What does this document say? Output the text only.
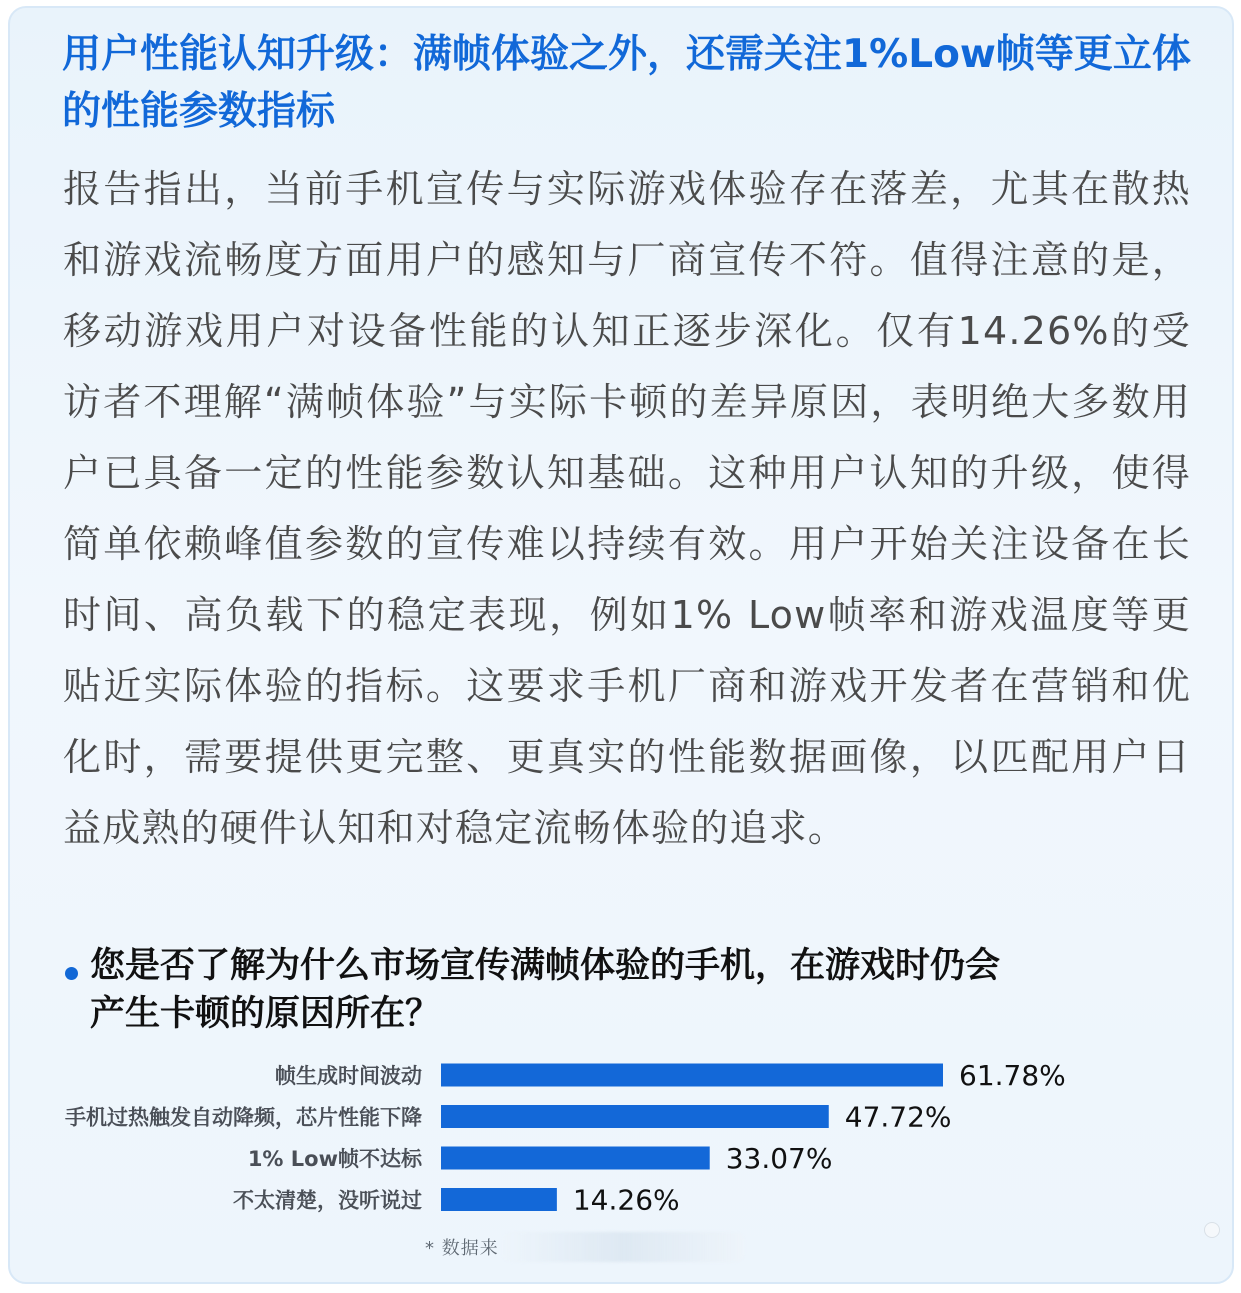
用户性能认知升级：满帧体验之外，还需关注1%Low帧等更立体的性能参数指标
报告指出，当前手机宣传与实际游戏体验存在落差，尤其在散热和游戏流畅度方面用户的感知与厂商宣传不符。值得注意的是，移动游戏用户对设备性能的认知正逐步深化。仅有14.26%的受访者不理解“满帧体验”与实际卡顿的差异原因，表明绝大多数用户已具备一定的性能参数认知基础。这种用户认知的升级，使得简单依赖峰值参数的宣传难以持续有效。用户开始关注设备在长时间、高负载下的稳定表现，例如1% Low帧率和游戏温度等更贴近实际体验的指标。这要求手机厂商和游戏开发者在营销和优化时，需要提供更完整、更真实的性能数据画像，以匹配用户日益成熟的硬件认知和对稳定流畅体验的追求。
您是否了解为什么市场宣传满帧体验的手机，在游戏时仍会产生卡顿的原因所在？
帧生成时间波动	61.78%
手机过热触发自动降频，芯片性能下降	47.72%
1% Low帧不达标	33.07%
不太清楚，没听说过	14.26%
* 数据来
